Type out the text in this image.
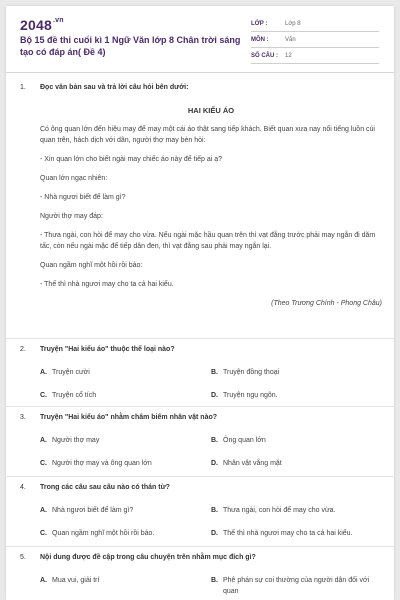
$2048^{.vn}$
Bộ 15 đề thi cuối kì 1 Ngữ Văn lớp 8 Chân trời sáng tạo có đáp án( Đề 4)
LỚP :	Lớp 8
MÔN :	Văn
SỐ CÂU :	12
1.	Đọc văn bản sau và trả lời câu hỏi bên dưới:

HAI KIỂU ÁO

Có ông quan lớn đến hiệu may để may một cái áo thật sang tiếp khách. Biết quan xưa nay nổi tiếng luồn cúi quan trên, hách dịch với dân, người thợ may bèn hỏi:

- Xin quan lớn cho biết ngài may chiếc áo này để tiếp ai ạ?

Quan lớn ngạc nhiên:

- Nhà ngươi biết để làm gì?

Người thợ may đáp:

- Thưa ngài, con hỏi để may cho vừa. Nếu ngài mặc hầu quan trên thì vạt đằng trước phải may ngắn đi dăm tấc, còn nếu ngài mặc để tiếp dân đen, thì vạt đằng sau phải may ngắn lại.

Quan ngầm nghĩ một hồi rồi bảo:

- Thế thì nhà ngươi may cho ta cả hai kiểu.

(Theo Trương Chính - Phong Châu)

2.	Truyện "Hai kiểu áo" thuộc thể loại nào?
A. Truyện cười	B. Truyện đồng thoại
C. Truyện cổ tích	D. Truyện ngụ ngôn.
3.	Truyện "Hai kiểu áo" nhằm châm biếm nhân vật nào?
A. Người thợ may	B. Ông quan lớn
C. Người thợ may và ông quan lớn	D. Nhân vật vắng mặt
4.	Trong các câu sau câu nào có thán từ?
A. Nhà ngươi biết để làm gì?	B. Thưa ngài, con hỏi để may cho vừa.
C. Quan ngầm nghĩ một hồi rồi bảo.	D. Thế thì nhà ngươi may cho ta cả hai kiểu.
5.	Nội dung được đề cập trong câu chuyện trên nhằm mục đích gì?
A. Mua vui, giải trí	B. Phê phán sự coi thường của người dân đối với quan
